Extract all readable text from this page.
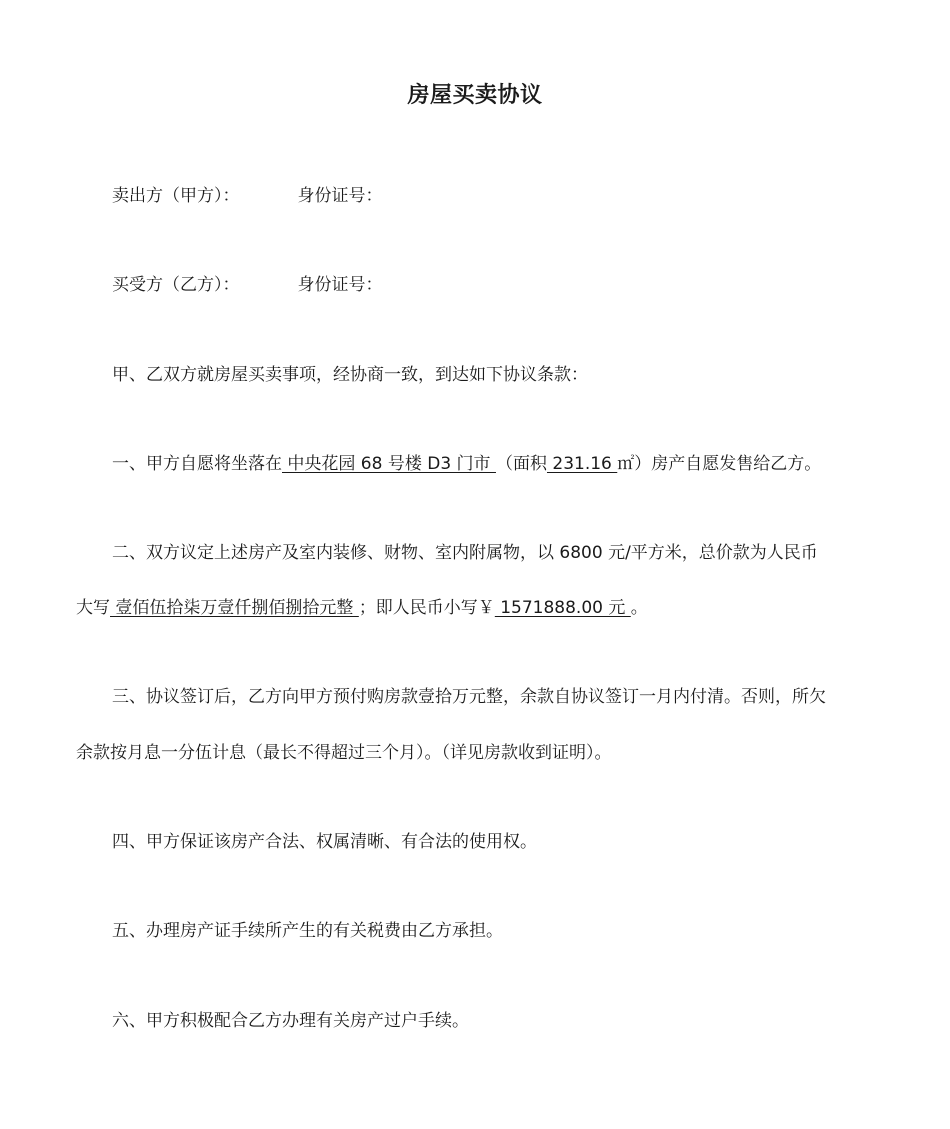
房屋买卖协议
卖出方（甲方）：	身份证号：
买受方（乙方）：	身份证号：
甲、乙双方就房屋买卖事项，经协商一致，到达如下协议条款：
一、甲方自愿将坐落在 中央花园 68 号楼 D3 门市 （面积 231.16 ㎡）房产自愿发售给乙方。
二、双方议定上述房产及室内装修、财物、室内附属物，以 6800 元/平方米，总价款为人民币
大写 壹佰伍拾柒万壹仟捌佰捌拾元整 ；即人民币小写￥ 1571888.00 元 。
三、协议签订后，乙方向甲方预付购房款壹拾万元整，余款自协议签订一月内付清。否则，所欠
余款按月息一分伍计息（最长不得超过三个月）。（详见房款收到证明）。
四、甲方保证该房产合法、权属清晰、有合法的使用权。
五、办理房产证手续所产生的有关税费由乙方承担。
六、甲方积极配合乙方办理有关房产过户手续。
